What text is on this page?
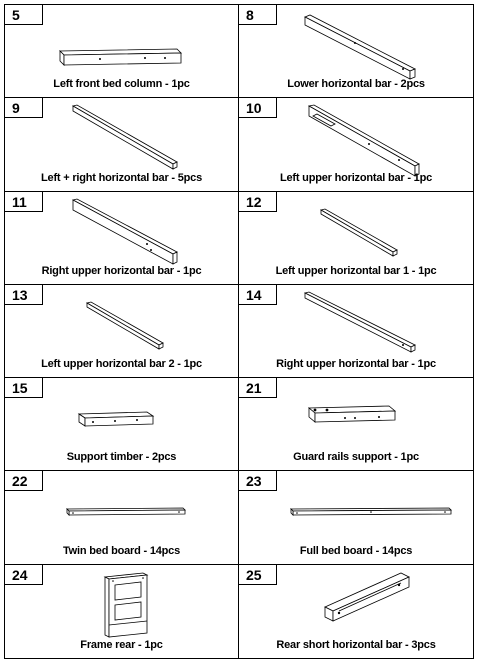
5
Left front bed column - 1pc
8
Lower horizontal bar - 2pcs
9
Left + right horizontal bar - 5pcs
10
Left upper horizontal bar - 1pc
11
Right upper horizontal bar - 1pc
12
Left upper horizontal bar 1 - 1pc
13
Left upper horizontal bar 2 - 1pc
14
Right upper horizontal bar - 1pc
15
Support timber - 2pcs
21
Guard rails support - 1pc
22
Twin bed board - 14pcs
23
Full bed board - 14pcs
24
Frame rear - 1pc
25
Rear short horizontal bar - 3pcs
